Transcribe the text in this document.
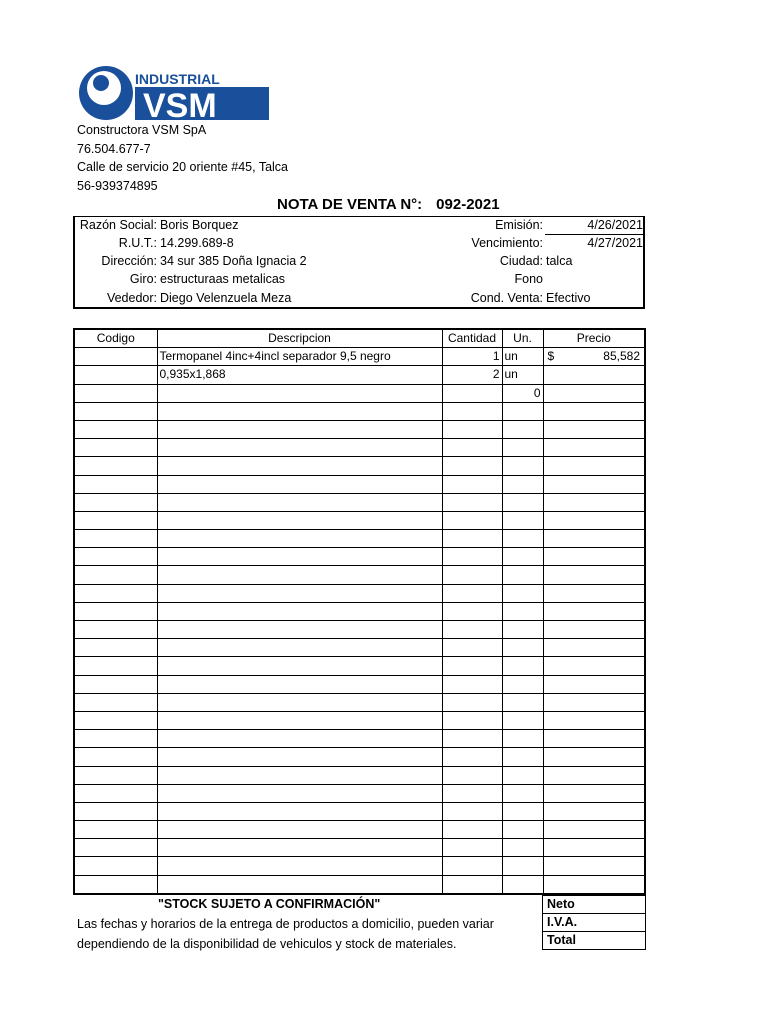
INDUSTRIAL
VSM
Constructora VSM SpA
76.504.677-7
Calle de servicio 20 oriente #45, Talca
56-939374895
NOTA DE VENTA N°: 092-2021
Razón Social: Boris Borquez
R.U.T.: 14.299.689-8
Dirección: 34 sur 385 Doña Ignacia 2
Giro: estructuraas metalicas
Vededor: Diego Velenzuela Meza
Emisión:	4/26/2021
Vencimiento:	4/27/2021
Ciudad: talca
Fono
Cond. Venta: Efectivo
Codigo	Descripcion	Cantidad	Un.	Precio
	Termopanel 4inc+4incl separador 9,5 negro	1	un	$ 85,582

	0,935x1,868	2	un	

			0	

"STOCK SUJETO A CONFIRMACIÓN"
Las fechas y horarios de la entrega de productos a domicilio, pueden variar
dependiendo de la disponibilidad de vehiculos y stock de materiales.
Neto
I.V.A.
Total
